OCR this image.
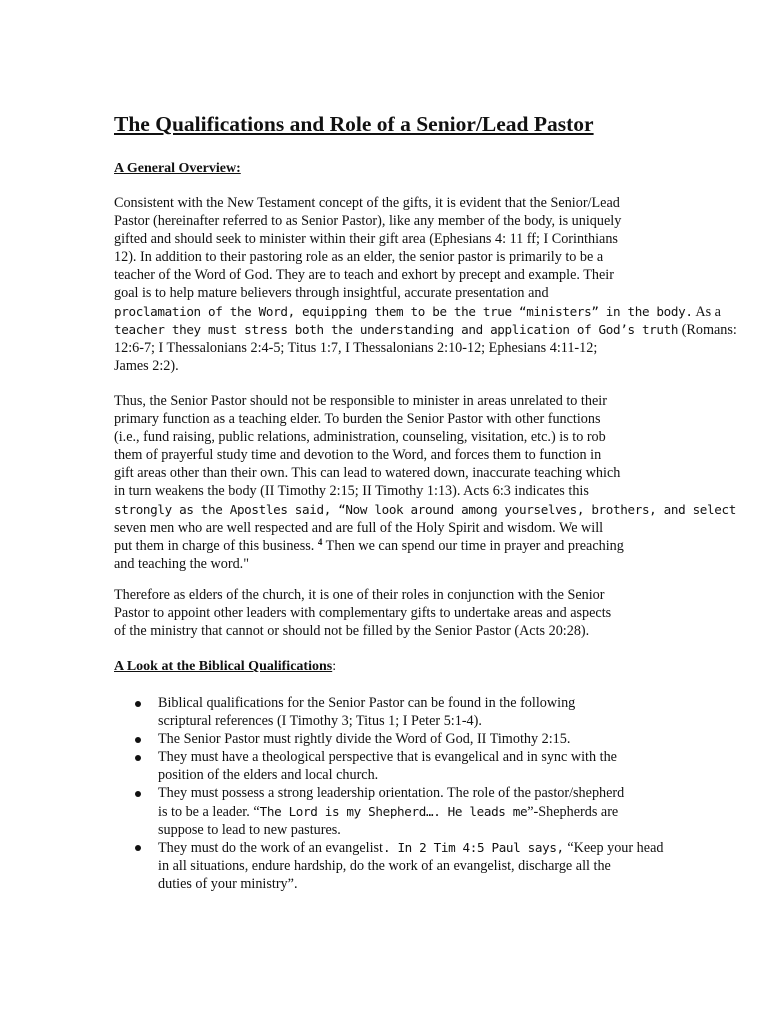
The Qualifications and Role of a Senior/Lead Pastor
A General Overview:
Consistent with the New Testament concept of the gifts, it is evident that the Senior/Lead
Pastor (hereinafter referred to as Senior Pastor), like any member of the body, is uniquely
gifted and should seek to minister within their gift area (Ephesians 4: 11 ff; I Corinthians
12). In addition to their pastoring role as an elder, the senior pastor is primarily to be a
teacher of the Word of God. They are to teach and exhort by precept and example. Their
goal is to help mature believers through insightful, accurate presentation and
proclamation of the Word, equipping them to be the true “ministers” in the body. As a
teacher they must stress both the understanding and application of God’s truth (Romans:
12:6-7; I Thessalonians 2:4-5; Titus 1:7, I Thessalonians 2:10-12; Ephesians 4:11-12;
James 2:2).
Thus, the Senior Pastor should not be responsible to minister in areas unrelated to their
primary function as a teaching elder. To burden the Senior Pastor with other functions
(i.e., fund raising, public relations, administration, counseling, visitation, etc.) is to rob
them of prayerful study time and devotion to the Word, and forces them to function in
gift areas other than their own. This can lead to watered down, inaccurate teaching which
in turn weakens the body (II Timothy 2:15; II Timothy 1:13). Acts 6:3 indicates this
strongly as the Apostles said, “Now look around among yourselves, brothers, and select
seven men who are well respected and are full of the Holy Spirit and wisdom. We will
put them in charge of this business. $^4$ Then we can spend our time in prayer and preaching
and teaching the word."
Therefore as elders of the church, it is one of their roles in conjunction with the Senior
Pastor to appoint other leaders with complementary gifts to undertake areas and aspects
of the ministry that cannot or should not be filled by the Senior Pastor (Acts 20:28).
A Look at the Biblical Qualifications:
Biblical qualifications for the Senior Pastor can be found in the following
scriptural references (I Timothy 3; Titus 1; I Peter 5:1-4).
The Senior Pastor must rightly divide the Word of God, II Timothy 2:15.
They must have a theological perspective that is evangelical and in sync with the
position of the elders and local church.
They must possess a strong leadership orientation. The role of the pastor/shepherd
is to be a leader. “The Lord is my Shepherd…. He leads me”-Shepherds are
suppose to lead to new pastures.
They must do the work of an evangelist. In 2 Tim 4:5 Paul says, “Keep your head
in all situations, endure hardship, do the work of an evangelist, discharge all the
duties of your ministry”.
